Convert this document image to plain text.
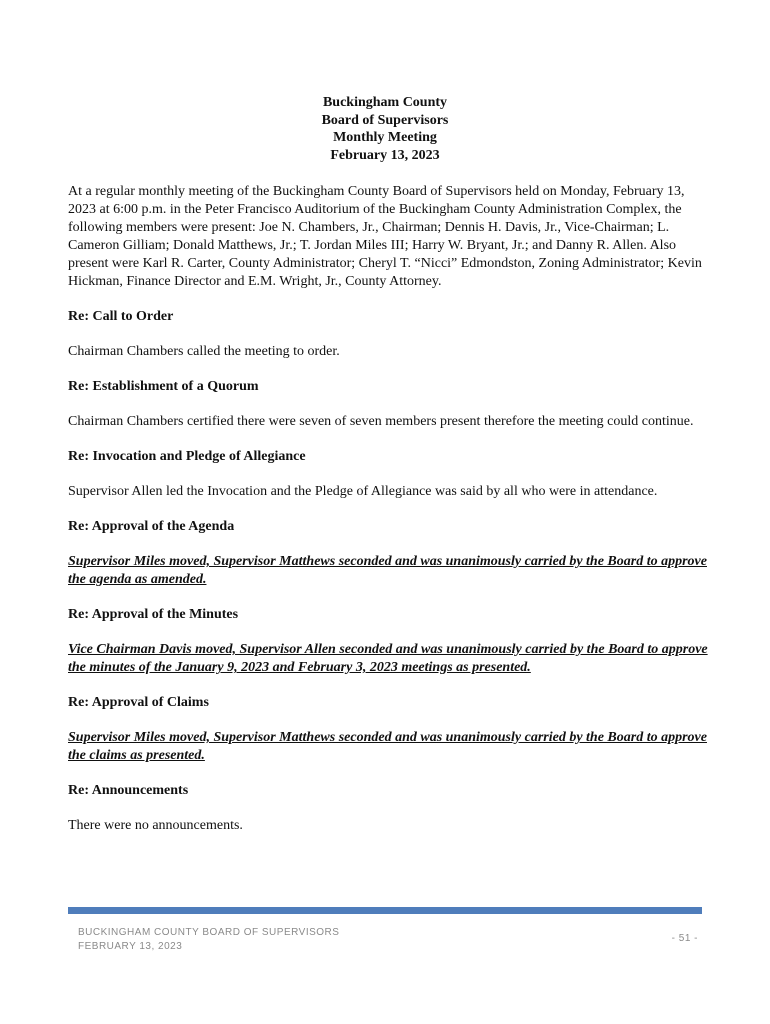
Buckingham County
Board of Supervisors
Monthly Meeting
February 13, 2023

At a regular monthly meeting of the Buckingham County Board of Supervisors held on Monday, February 13, 2023 at 6:00 p.m. in the Peter Francisco Auditorium of the Buckingham County Administration Complex, the following members were present: Joe N. Chambers, Jr., Chairman; Dennis H. Davis, Jr., Vice-Chairman; L. Cameron Gilliam; Donald Matthews, Jr.; T. Jordan Miles III; Harry W. Bryant, Jr.; and Danny R. Allen. Also present were Karl R. Carter, County Administrator; Cheryl T. “Nicci” Edmondston, Zoning Administrator; Kevin Hickman, Finance Director and E.M. Wright, Jr., County Attorney.

Re: Call to Order

Chairman Chambers called the meeting to order.

Re: Establishment of a Quorum

Chairman Chambers certified there were seven of seven members present therefore the meeting could continue.

Re: Invocation and Pledge of Allegiance

Supervisor Allen led the Invocation and the Pledge of Allegiance was said by all who were in attendance.

Re: Approval of the Agenda

Supervisor Miles moved, Supervisor Matthews seconded and was unanimously carried by the Board to approve the agenda as amended.

Re: Approval of the Minutes

Vice Chairman Davis moved, Supervisor Allen seconded and was unanimously carried by the Board to approve the minutes of the January 9, 2023 and February 3, 2023 meetings as presented.

Re: Approval of Claims

Supervisor Miles moved, Supervisor Matthews seconded and was unanimously carried by the Board to approve the claims as presented.

Re: Announcements

There were no announcements.

BUCKINGHAM COUNTY BOARD OF SUPERVISORS
FEBRUARY 13, 2023
- 51 -
